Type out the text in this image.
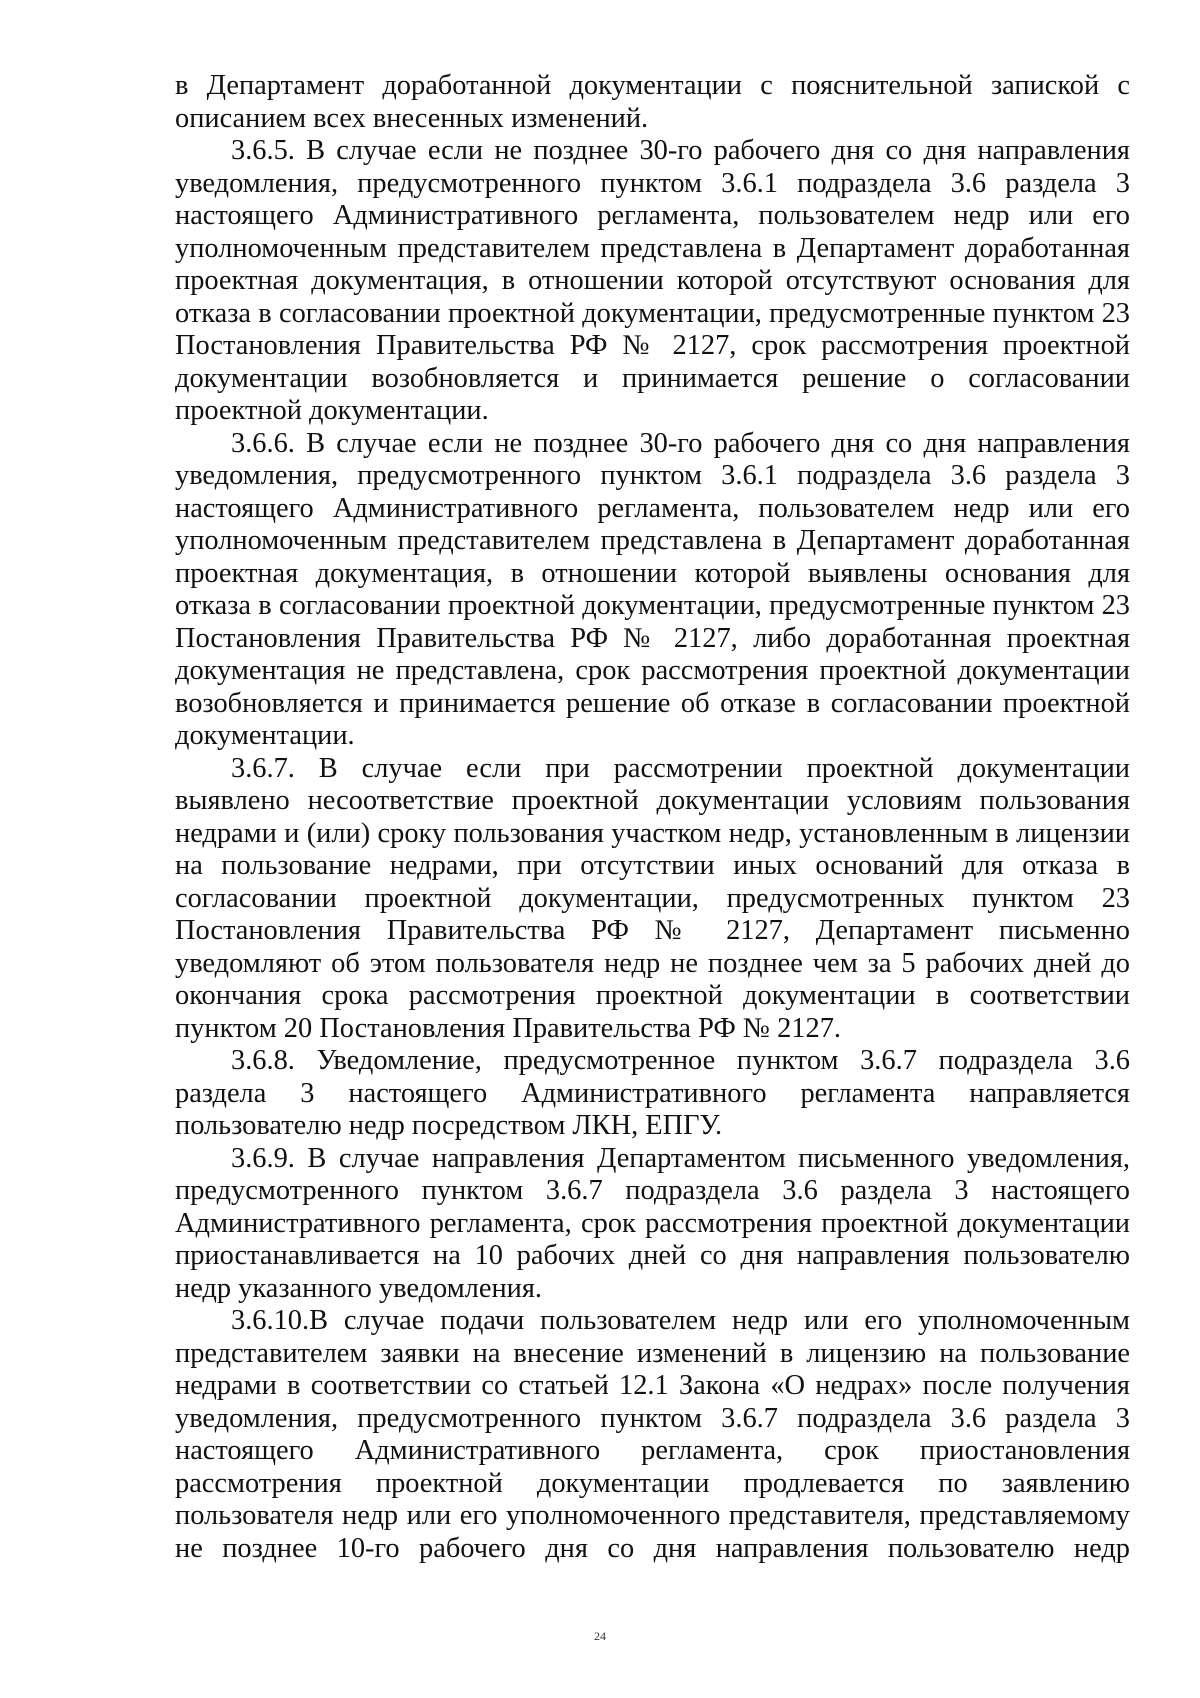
в Департамент доработанной документации с пояснительной запиской с описанием всех внесенных изменений.

3.6.5. В случае если не позднее 30-го рабочего дня со дня направления уведомления, предусмотренного пунктом 3.6.1 подраздела 3.6 раздела 3 настоящего Административного регламента, пользователем недр или его уполномоченным представителем представлена в Департамент доработанная проектная документация, в отношении которой отсутствуют основания для отказа в согласовании проектной документации, предусмотренные пунктом 23 Постановления Правительства РФ № 2127, срок рассмотрения проектной документации возобновляется и принимается решение о согласовании проектной документации.

3.6.6. В случае если не позднее 30-го рабочего дня со дня направления уведомления, предусмотренного пунктом 3.6.1 подраздела 3.6 раздела 3 настоящего Административного регламента, пользователем недр или его уполномоченным представителем представлена в Департамент доработанная проектная документация, в отношении которой выявлены основания для отказа в согласовании проектной документации, предусмотренные пунктом 23 Постановления Правительства РФ № 2127, либо доработанная проектная документация не представлена, срок рассмотрения проектной документации возобновляется и принимается решение об отказе в согласовании проектной документации.

3.6.7. В случае если при рассмотрении проектной документации выявлено несоответствие проектной документации условиям пользования недрами и (или) сроку пользования участком недр, установленным в лицензии на пользование недрами, при отсутствии иных оснований для отказа в согласовании проектной документации, предусмотренных пунктом 23 Постановления Правительства РФ № 2127, Департамент письменно уведомляют об этом пользователя недр не позднее чем за 5 рабочих дней до окончания срока рассмотрения проектной документации в соответствии пунктом 20 Постановления Правительства РФ № 2127.

3.6.8. Уведомление, предусмотренное пунктом 3.6.7 подраздела 3.6 раздела 3 настоящего Административного регламента направляется пользователю недр посредством ЛКН, ЕПГУ.

3.6.9. В случае направления Департаментом письменного уведомления, предусмотренного пунктом 3.6.7 подраздела 3.6 раздела 3 настоящего Административного регламента, срок рассмотрения проектной документации приостанавливается на 10 рабочих дней со дня направления пользователю недр указанного уведомления.

3.6.10.В случае подачи пользователем недр или его уполномоченным представителем заявки на внесение изменений в лицензию на пользование недрами в соответствии со статьей 12.1 Закона «О недрах» после получения уведомления, предусмотренного пунктом 3.6.7 подраздела 3.6 раздела 3 настоящего Административного регламента, срок приостановления рассмотрения проектной документации продлевается по заявлению пользователя недр или его уполномоченного представителя, представляемому не позднее 10-го рабочего дня со дня направления пользователю недр

24
